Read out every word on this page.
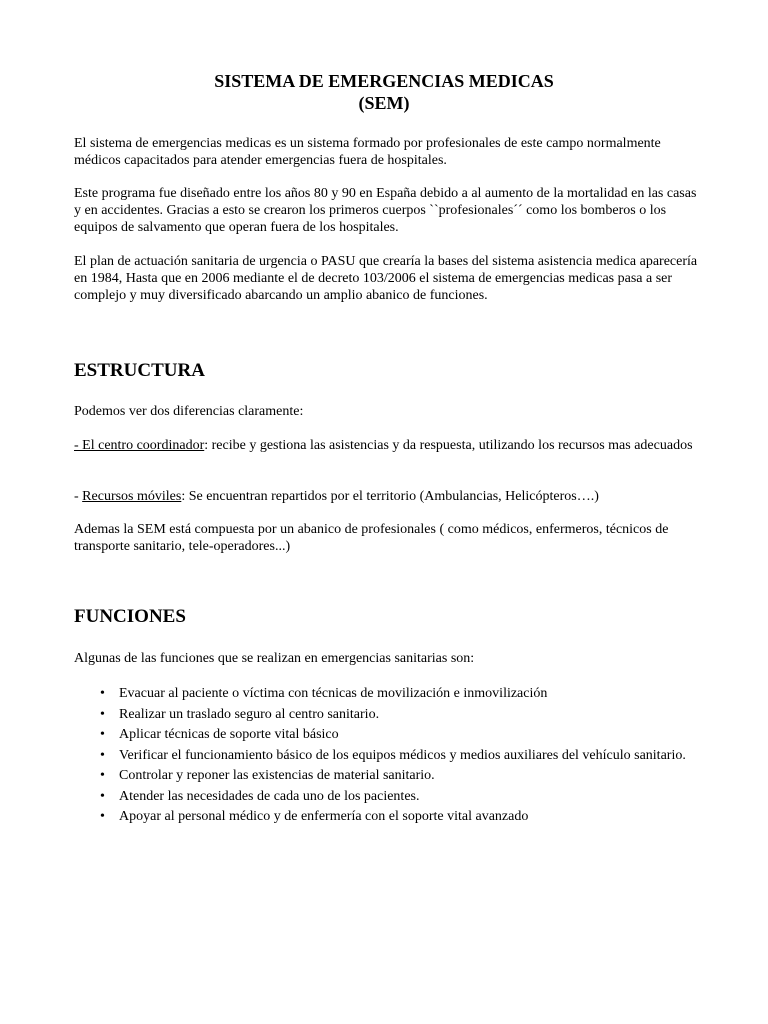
SISTEMA DE EMERGENCIAS MEDICAS
(SEM)

El sistema de emergencias medicas es un sistema formado por profesionales de este campo normalmente médicos capacitados para atender emergencias fuera de hospitales.

Este programa fue diseñado entre los años 80 y 90 en España debido a al aumento de la mortalidad en las casas y en accidentes. Gracias a esto se crearon los primeros cuerpos ``profesionales´´ como los bomberos o los equipos de salvamento que operan fuera de los hospitales.

El plan de actuación sanitaria de urgencia o PASU que crearía la bases del sistema asistencia medica aparecería en 1984, Hasta que en 2006 mediante el de decreto 103/2006 el sistema de emergencias medicas pasa a ser complejo y muy diversificado abarcando un amplio abanico de funciones.

ESTRUCTURA

Podemos ver dos diferencias claramente:

- El centro coordinador: recibe y gestiona las asistencias y da respuesta, utilizando los recursos mas adecuados

- Recursos móviles: Se encuentran repartidos por el territorio (Ambulancias, Helicópteros….)

Ademas la SEM está compuesta por un abanico de profesionales ( como médicos, enfermeros, técnicos de transporte sanitario, tele-operadores...)

FUNCIONES

Algunas de las funciones que se realizan en emergencias sanitarias son:

• Evacuar al paciente o víctima con técnicas de movilización e inmovilización
• Realizar un traslado seguro al centro sanitario.
• Aplicar técnicas de soporte vital básico
• Verificar el funcionamiento básico de los equipos médicos y medios auxiliares del vehículo sanitario.
• Controlar y reponer las existencias de material sanitario.
• Atender las necesidades de cada uno de los pacientes.
• Apoyar al personal médico y de enfermería con el soporte vital avanzado
